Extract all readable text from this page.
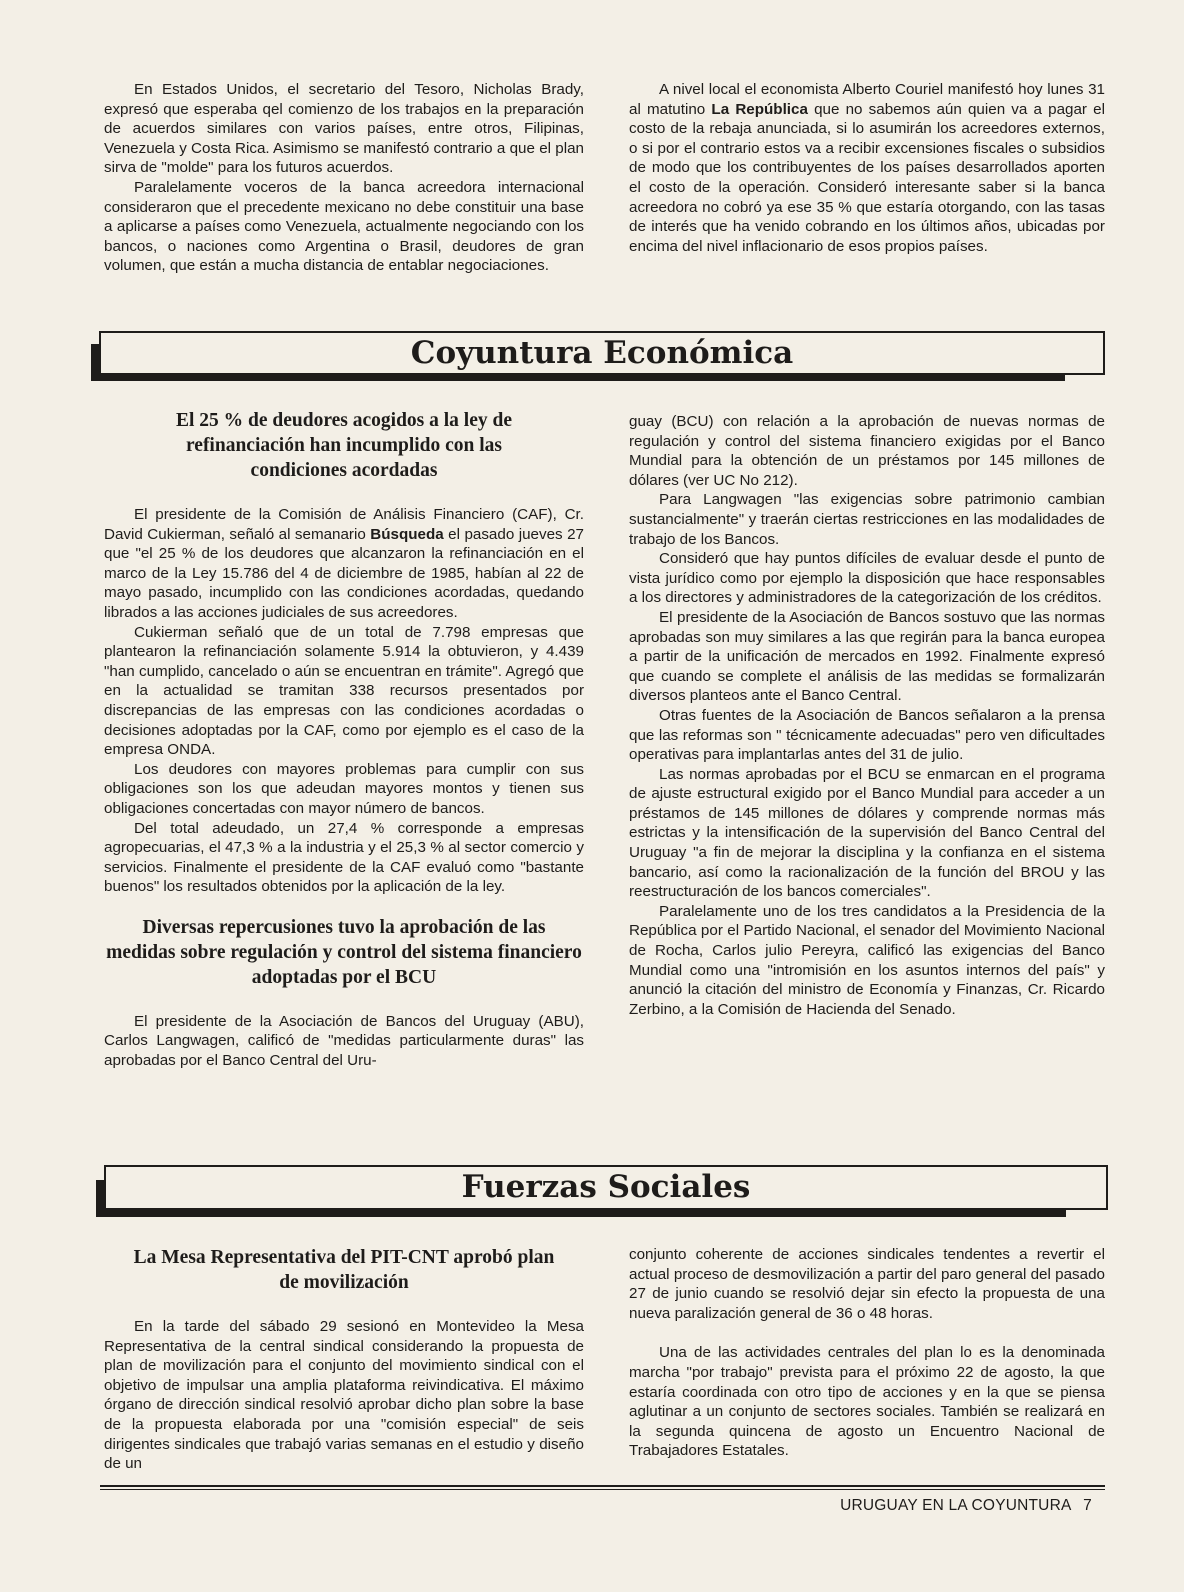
En Estados Unidos, el secretario del Tesoro, Nicholas Brady, expresó que esperaba qel comienzo de los trabajos en la preparación de acuerdos similares con varios países, entre otros, Filipinas, Venezuela y Costa Rica. Asimismo se manifestó contrario a que el plan sirva de "molde" para los futuros acuerdos.

Paralelamente voceros de la banca acreedora internacional consideraron que el precedente mexicano no debe constituir una base a aplicarse a países como Venezuela, actualmente negociando con los bancos, o naciones como Argentina o Brasil, deudores de gran volumen, que están a mucha distancia de entablar negociaciones.

A nivel local el economista Alberto Couriel manifestó hoy lunes 31 al matutino La República que no sabemos aún quien va a pagar el costo de la rebaja anunciada, si lo asumirán los acreedores externos, o si por el contrario estos va a recibir excensiones fiscales o subsidios de modo que los contribuyentes de los países desarrollados aporten el costo de la operación. Consideró interesante saber si la banca acreedora no cobró ya ese 35 % que estaría otorgando, con las tasas de interés que ha venido cobrando en los últimos años, ubicadas por encima del nivel inflacionario de esos propios países.

Coyuntura Económica
El 25 % de deudores acogidos a la ley de refinanciación han incumplido con las condiciones acordadas

El presidente de la Comisión de Análisis Financiero (CAF), Cr. David Cukierman, señaló al semanario Búsqueda el pasado jueves 27 que "el 25 % de los deudores que alcanzaron la refinanciación en el marco de la Ley 15.786 del 4 de diciembre de 1985, habían al 22 de mayo pasado, incumplido con las condiciones acordadas, quedando librados a las acciones judiciales de sus acreedores.

Cukierman señaló que de un total de 7.798 empresas que plantearon la refinanciación solamente 5.914 la obtuvieron, y 4.439 "han cumplido, cancelado o aún se encuentran en trámite". Agregó que en la actualidad se tramitan 338 recursos presentados por discrepancias de las empresas con las condiciones acordadas o decisiones adoptadas por la CAF, como por ejemplo es el caso de la empresa ONDA.

Los deudores con mayores problemas para cumplir con sus obligaciones son los que adeudan mayores montos y tienen sus obligaciones concertadas con mayor número de bancos.

Del total adeudado, un 27,4 % corresponde a empresas agropecuarias, el 47,3 % a la industria y el 25,3 % al sector comercio y servicios. Finalmente el presidente de la CAF evaluó como "bastante buenos" los resultados obtenidos por la aplicación de la ley.

Diversas repercusiones tuvo la aprobación de las medidas sobre regulación y control del sistema financiero adoptadas por el BCU

El presidente de la Asociación de Bancos del Uruguay (ABU), Carlos Langwagen, calificó de "medidas particularmente duras" las aprobadas por el Banco Central del Uru-

guay (BCU) con relación a la aprobación de nuevas normas de regulación y control del sistema financiero exigidas por el Banco Mundial para la obtención de un préstamos por 145 millones de dólares (ver UC No 212).

Para Langwagen "las exigencias sobre patrimonio cambian sustancialmente" y traerán ciertas restricciones en las modalidades de trabajo de los Bancos.

Consideró que hay puntos difíciles de evaluar desde el punto de vista jurídico como por ejemplo la disposición que hace responsables a los directores y administradores de la categorización de los créditos.

El presidente de la Asociación de Bancos sostuvo que las normas aprobadas son muy similares a las que regirán para la banca europea a partir de la unificación de mercados en 1992. Finalmente expresó que cuando se complete el análisis de las medidas se formalizarán diversos planteos ante el Banco Central.

Otras fuentes de la Asociación de Bancos señalaron a la prensa que las reformas son " técnicamente adecuadas" pero ven dificultades operativas para implantarlas antes del 31 de julio.

Las normas aprobadas por el BCU se enmarcan en el programa de ajuste estructural exigido por el Banco Mundial para acceder a un préstamos de 145 millones de dólares y comprende normas más estrictas y la intensificación de la supervisión del Banco Central del Uruguay "a fin de mejorar la disciplina y la confianza en el sistema bancario, así como la racionalización de la función del BROU y las reestructuración de los bancos comerciales".

Paralelamente uno de los tres candidatos a la Presidencia de la República por el Partido Nacional, el senador del Movimiento Nacional de Rocha, Carlos julio Pereyra, calificó las exigencias del Banco Mundial como una "intromisión en los asuntos internos del país" y anunció la citación del ministro de Economía y Finanzas, Cr. Ricardo Zerbino, a la Comisión de Hacienda del Senado.

Fuerzas Sociales
La Mesa Representativa del PIT-CNT aprobó plan de movilización

En la tarde del sábado 29 sesionó en Montevideo la Mesa Representativa de la central sindical considerando la propuesta de plan de movilización para el conjunto del movimiento sindical con el objetivo de impulsar una amplia plataforma reivindicativa. El máximo órgano de dirección sindical resolvió aprobar dicho plan sobre la base de la propuesta elaborada por una "comisión especial" de seis dirigentes sindicales que trabajó varias semanas en el estudio y diseño de un

conjunto coherente de acciones sindicales tendentes a revertir el actual proceso de desmovilización a partir del paro general del pasado 27 de junio cuando se resolvió dejar sin efecto la propuesta de una nueva paralización general de 36 o 48 horas.

Una de las actividades centrales del plan lo es la denominada marcha "por trabajo" prevista para el próximo 22 de agosto, la que estaría coordinada con otro tipo de acciones y en la que se piensa aglutinar a un conjunto de sectores sociales. También se realizará en la segunda quincena de agosto un Encuentro Nacional de Trabajadores Estatales.

URUGUAY EN LA COYUNTURA 7
